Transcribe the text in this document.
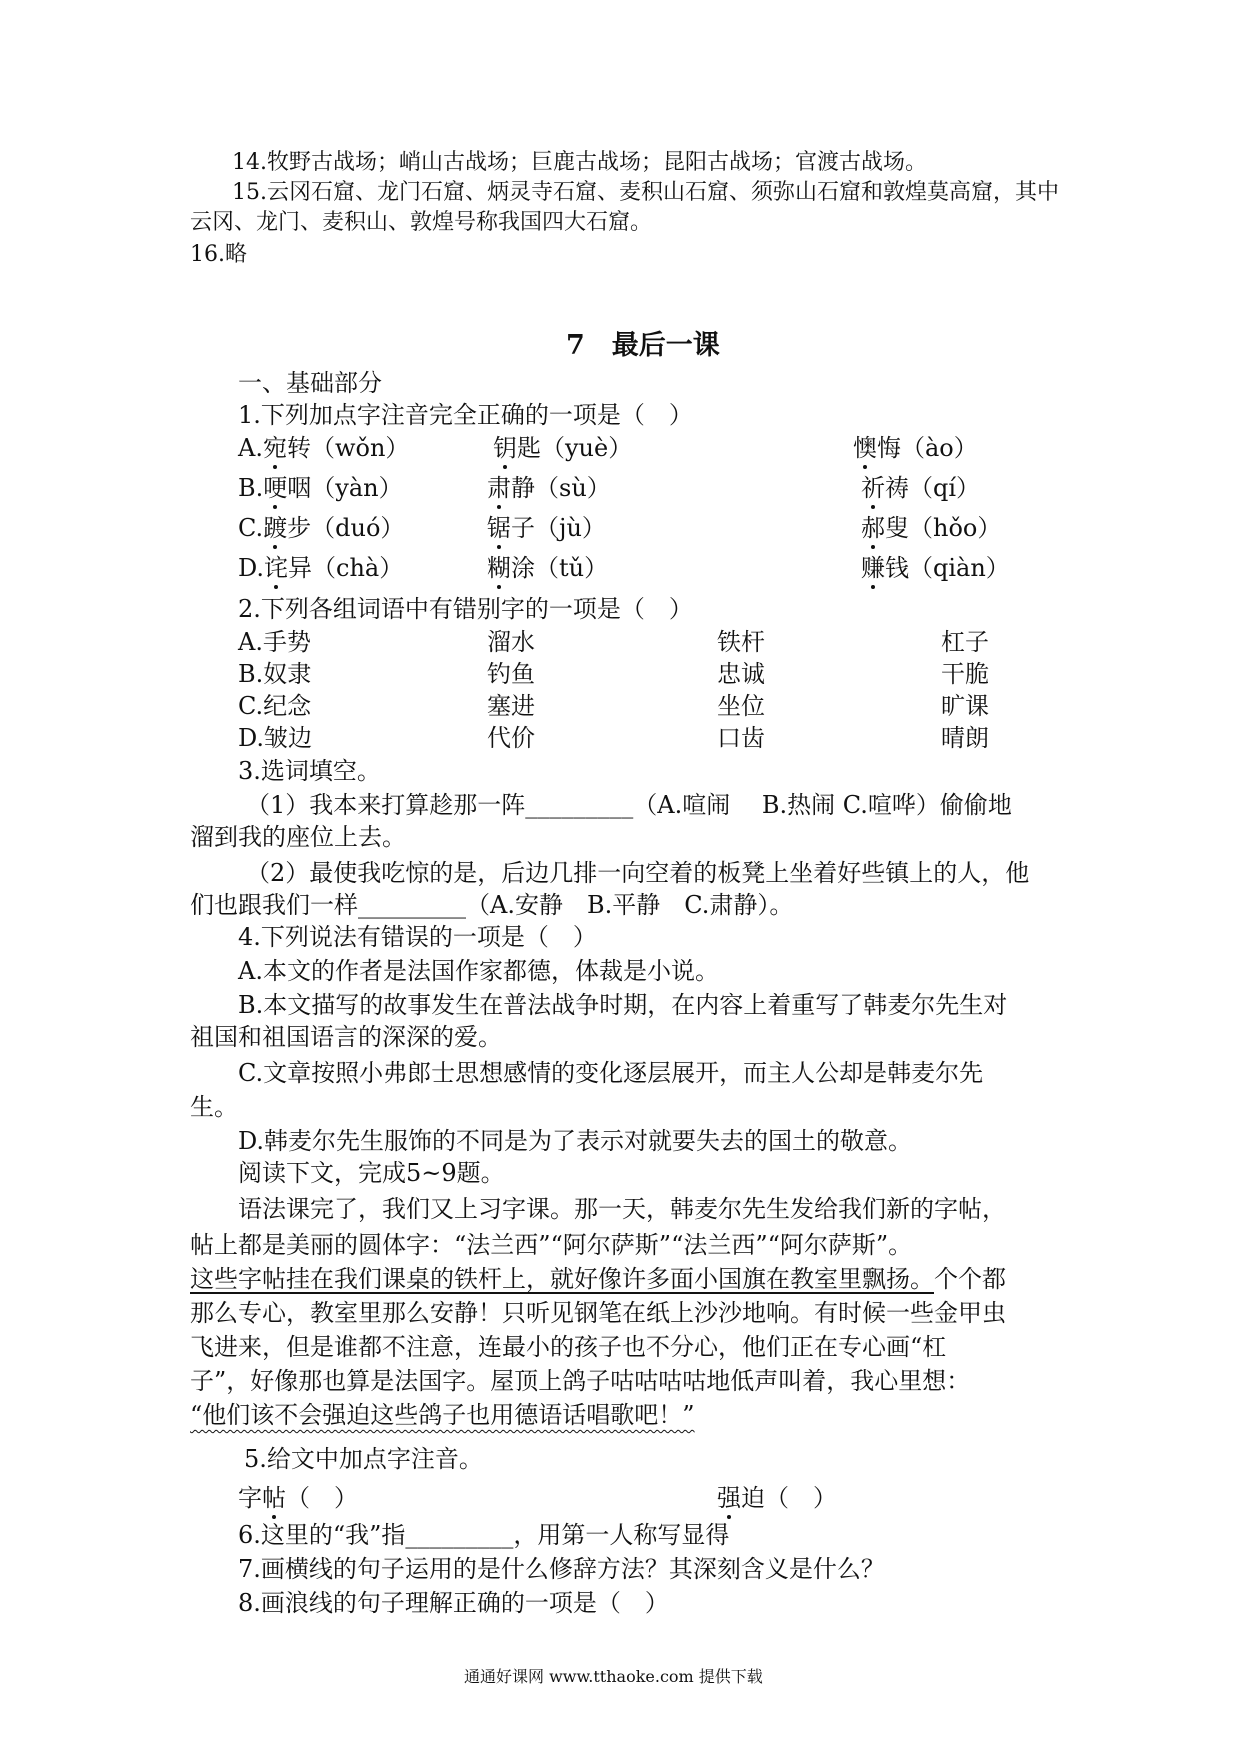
14.牧野古战场；峭山古战场；巨鹿古战场；昆阳古战场；官渡古战场。
15.云冈石窟、龙门石窟、炳灵寺石窟、麦积山石窟、须弥山石窟和敦煌莫高窟，其中
云冈、龙门、麦积山、敦煌号称我国四大石窟。
16.略
7　最后一课
一、基础部分
1.下列加点字注音完全正确的一项是（　）
A.宛转（wǒn）	钥匙（yuè）	懊悔（ào）
B.哽咽（yàn）	肃静（sù）	祈祷（qí）
C.踱步（duó）	锯子（jù）	郝叟（hǒo）
D.诧异（chà）	糊涂（tǔ）	赚钱（qiàn）
2.下列各组词语中有错别字的一项是（　）
A.手势	溜水	铁杆	杠子
B.奴隶	钓鱼	忠诚	干脆
C.纪念	塞进	坐位	旷课
D.皱边	代价	口齿	晴朗
3.选词填空。
（1）我本来打算趁那一阵_________（A.喧闹　 B.热闹 C.喧哗）偷偷地
溜到我的座位上去。
（2）最使我吃惊的是，后边几排一向空着的板凳上坐着好些镇上的人，他
们也跟我们一样_________（A.安静　B.平静　C.肃静）。
4.下列说法有错误的一项是（　）
A.本文的作者是法国作家都德，体裁是小说。
B.本文描写的故事发生在普法战争时期，在内容上着重写了韩麦尔先生对
祖国和祖国语言的深深的爱。
C.文章按照小弗郎士思想感情的变化逐层展开，而主人公却是韩麦尔先
生。
D.韩麦尔先生服饰的不同是为了表示对就要失去的国土的敬意。
阅读下文，完成5~9题。
语法课完了，我们又上习字课。那一天，韩麦尔先生发给我们新的字帖，
帖上都是美丽的圆体字：“法兰西”“阿尔萨斯”“法兰西”“阿尔萨斯”。
这些字帖挂在我们课桌的铁杆上，就好像许多面小国旗在教室里飘扬。个个都
那么专心，教室里那么安静！只听见钢笔在纸上沙沙地响。有时候一些金甲虫
飞进来，但是谁都不注意，连最小的孩子也不分心，他们正在专心画“杠
子”，好像那也算是法国字。屋顶上鸽子咕咕咕咕地低声叫着，我心里想：
“他们该不会强迫这些鸽子也用德语话唱歌吧！”
5.给文中加点字注音。
字帖（　）	强迫（　）
6.这里的“我”指_________，用第一人称写显得
7.画横线的句子运用的是什么修辞方法？其深刻含义是什么？
8.画浪线的句子理解正确的一项是（　）
通通好课网 www.tthaoke.com 提供下载
